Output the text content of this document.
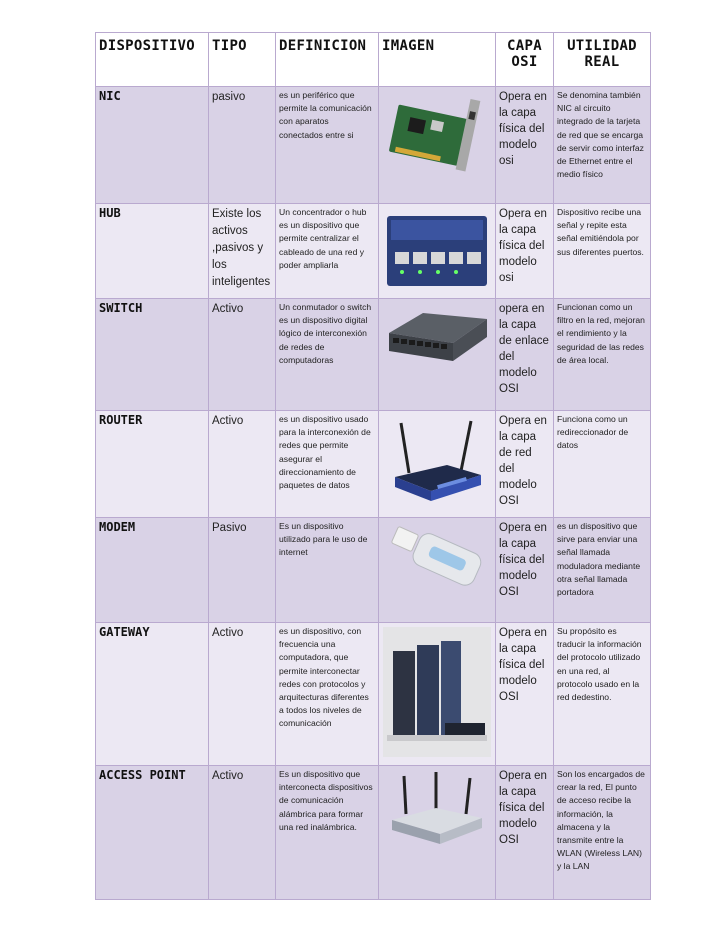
DISPOSITIVO	TIPO	DEFINICION	IMAGEN	CAPA OSI	UTILIDAD REAL
NIC	pasivo	es un periférico que permite la comunicación con aparatos conectados entre si		Opera en la capa física del modelo osi	Se denomina también NIC al circuito integrado de la tarjeta de red que se encarga de servir como interfaz de Ethernet entre el medio físico
HUB	Existe los activos ,pasivos y los inteligentes	Un concentrador o hub es un dispositivo que permite centralizar el cableado de una red y poder ampliarla		Opera en la capa física del modelo osi	Dispositivo recibe una señal y repite esta señal emitiéndola por sus diferentes puertos.
SWITCH	Activo	Un conmutador o switch es un dispositivo digital lógico de interconexión de redes de computadoras		opera en la capa de enlace del modelo OSI	Funcionan como un filtro en la red, mejoran el rendimiento y la seguridad de las redes de área local.
ROUTER	Activo	es un dispositivo usado para la interconexión de redes que permite asegurar el direccionamiento de paquetes de datos		Opera en la capa de red del modelo OSI	Funciona como un redireccionador de datos
MODEM	Pasivo	Es un dispositivo utilizado para le uso de internet		Opera en la capa física del modelo OSI	es un dispositivo que sirve para enviar una señal llamada moduladora mediante otra señal llamada portadora
GATEWAY	Activo	es un dispositivo, con frecuencia una computadora, que permite interconectar redes con protocolos y arquitecturas diferentes a todos los niveles de comunicación		Opera en la capa física del modelo OSI	Su propósito es traducir la información del protocolo utilizado en una red, al protocolo usado en la red dedestino.
ACCESS POINT	Activo	Es un dispositivo que interconecta dispositivos de comunicación alámbrica para formar una red inalámbrica.		Opera en la capa física del modelo OSI	Son los encargados de crear la red, El punto de acceso recibe la información, la almacena y la transmite entre la WLAN (Wireless LAN) y la LAN
